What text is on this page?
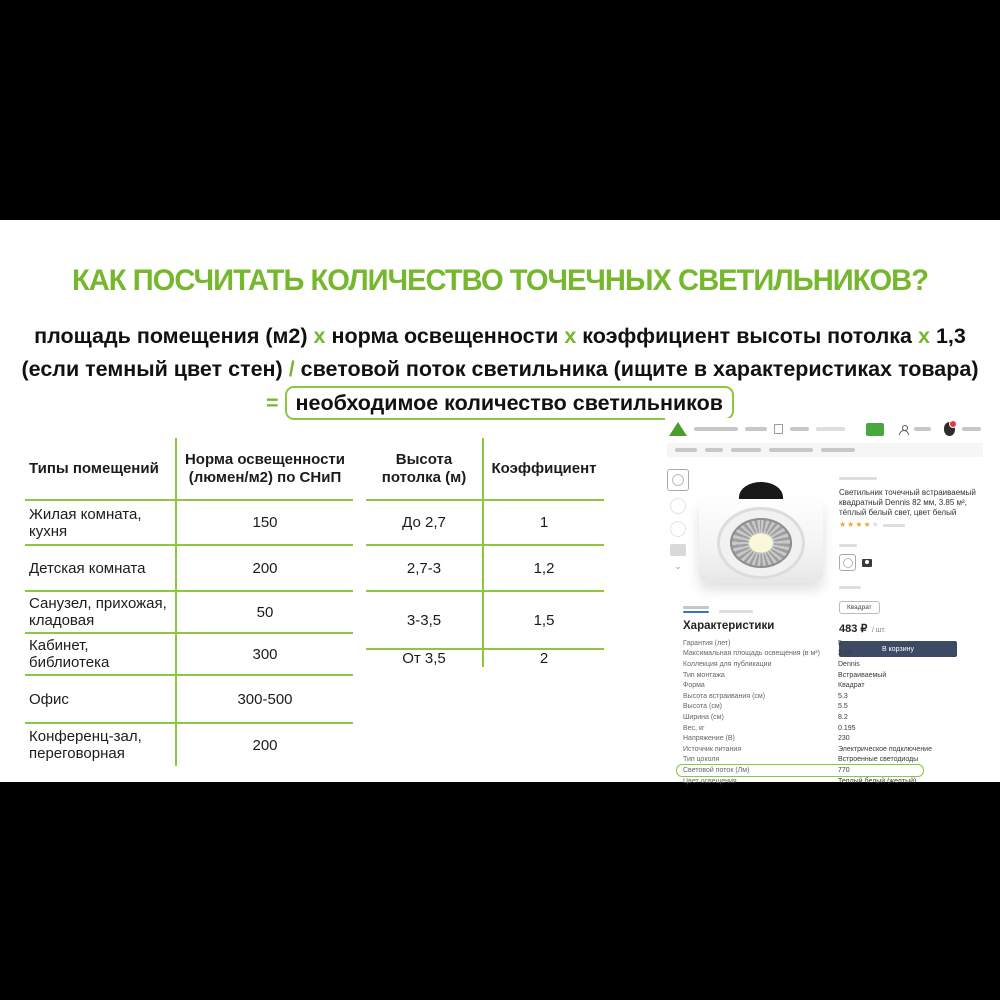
КАК ПОСЧИТАТЬ КОЛИЧЕСТВО ТОЧЕЧНЫХ СВЕТИЛЬНИКОВ?
площадь помещения (м2) x норма освещенности x коэффициент высоты потолка x 1,3 (если темный цвет стен) / световой поток светильника (ищите в характеристиках товара) = необходимое количество светильников
Типы помещений
Норма освещенности (люмен/м2) по СНиП
Жилая комната, кухня	150
Детская комната	200
Санузел, прихожая, кладовая	50
Кабинет, библиотека	300
Офис	300-500
Конференц-зал, переговорная	200
Высота потолка (м)
Коэффициент
До 2,7	1
2,7-3	1,2
3-3,5	1,5
От 3,5	2
⌄
Светильник точечный встраиваемый квадратный Dennis 82 мм, 3.85 м², тёплый белый свет, цвет белый
★★★★★
Квадрат
483 ₽ / шт.
В корзину
Характеристики
Гарантия (лет)	5
Максимальная площадь освещения (в м²)	3.85
Коллекция для публикации	Dennis
Тип монтажа	Встраиваемый
Форма	Квадрат
Высота встраивания (см)	5.3
Высота (см)	5.5
Ширина (см)	8.2
Вес, кг	0.195
Напряжение (В)	230
Источник питания	Электрическое подключение
Тип цоколя	Встроенные светодиоды
Световой поток (Лм)	770
Цвет освещения	Теплый белый (желтый)
